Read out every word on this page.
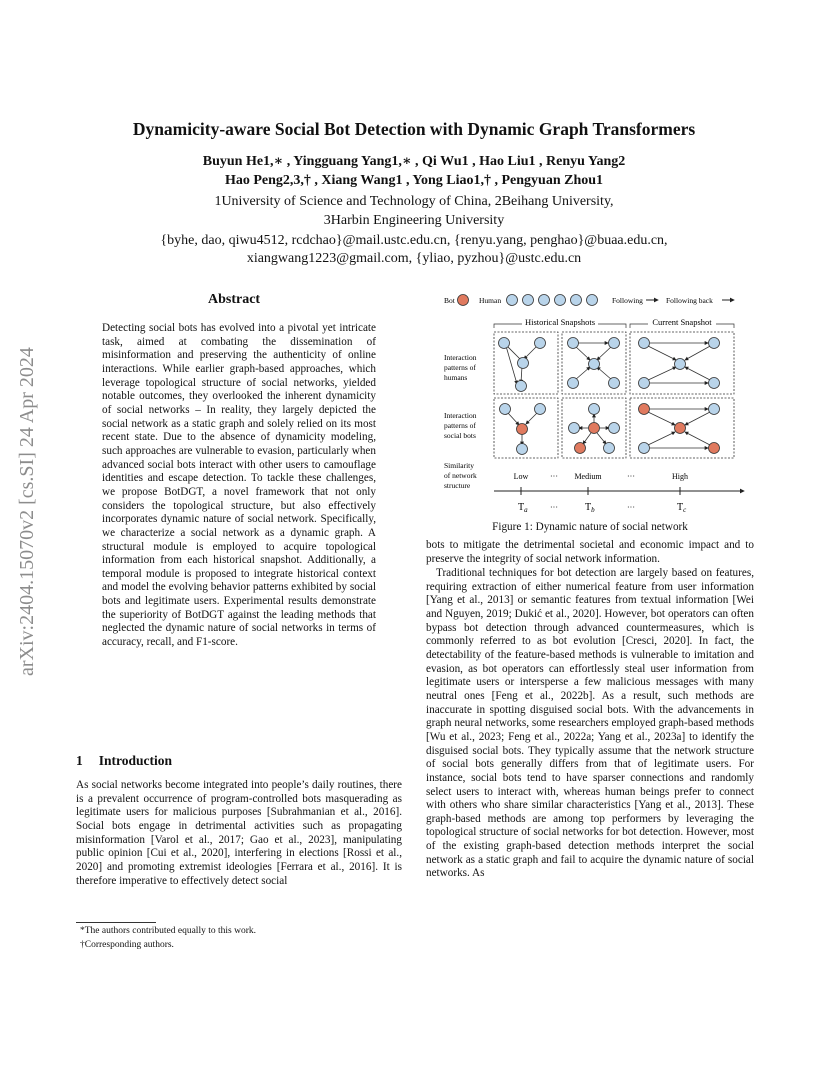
Dynamicity-aware Social Bot Detection with Dynamic Graph Transformers
Buyun He1,∗ , Yingguang Yang1,∗ , Qi Wu1 , Hao Liu1 , Renyu Yang2
Hao Peng2,3,† , Xiang Wang1 , Yong Liao1,† , Pengyuan Zhou1
1University of Science and Technology of China, 2Beihang University,
3Harbin Engineering University
{byhe, dao, qiwu4512, rcdchao}@mail.ustc.edu.cn, {renyu.yang, penghao}@buaa.edu.cn,
xiangwang1223@gmail.com, {yliao, pyzhou}@ustc.edu.cn
arXiv:2404.15070v2 [cs.SI] 24 Apr 2024
Abstract
Detecting social bots has evolved into a pivotal yet intricate task, aimed at combating the dissemination of misinformation and preserving the authenticity of online interactions. While earlier graph-based approaches, which leverage topological structure of social networks, yielded notable outcomes, they overlooked the inherent dynamicity of social networks – In reality, they largely depicted the social network as a static graph and solely relied on its most recent state. Due to the absence of dynamicity modeling, such approaches are vulnerable to evasion, particularly when advanced social bots interact with other users to camouflage identities and escape detection. To tackle these challenges, we propose BotDGT, a novel framework that not only considers the topological structure, but also effectively incorporates dynamic nature of social network. Specifically, we characterize a social network as a dynamic graph. A structural module is employed to acquire topological information from each historical snapshot. Additionally, a temporal module is proposed to integrate historical context and model the evolving behavior patterns exhibited by social bots and legitimate users. Experimental results demonstrate the superiority of BotDGT against the leading methods that neglected the dynamic nature of social networks in terms of accuracy, recall, and F1-score.
1 Introduction
As social networks become integrated into people’s daily routines, there is a prevalent occurrence of program-controlled bots masquerading as legitimate users for malicious purposes [Subrahmanian et al., 2016]. Social bots engage in detrimental activities such as propagating misinformation [Varol et al., 2017; Gao et al., 2023], manipulating public opinion [Cui et al., 2020], interfering in elections [Rossi et al., 2020] and promoting extremist ideologies [Ferrara et al., 2016]. It is therefore imperative to effectively detect social
*The authors contributed equally to this work.
†Corresponding authors.
Bot	Human	Following	Following back
Historical Snapshots	Current Snapshot
Interaction
patterns of
humans
Interaction
patterns of
social bots
Similarity
of network
structure
Low	··· Medium	···	High
$T_a$	···	$T_b$	···	$T_c$
Figure 1: Dynamic nature of social network
bots to mitigate the detrimental societal and economic impact and to preserve the integrity of social network information.
Traditional techniques for bot detection are largely based on features, requiring extraction of either numerical feature from user information [Yang et al., 2013] or semantic features from textual information [Wei and Nguyen, 2019; Dukić et al., 2020]. However, bot operators can often bypass bot detection through advanced countermeasures, which is commonly referred to as bot evolution [Cresci, 2020]. In fact, the detectability of the feature-based methods is vulnerable to imitation and evasion, as bot operators can effortlessly steal user information from legitimate users or intersperse a few malicious messages with many neutral ones [Feng et al., 2022b]. As a result, such methods are inaccurate in spotting disguised social bots. With the advancements in graph neural networks, some researchers employed graph-based methods [Wu et al., 2023; Feng et al., 2022a; Yang et al., 2023a] to identify the disguised social bots. They typically assume that the network structure of social bots generally differs from that of legitimate users. For instance, social bots tend to have sparser connections and randomly select users to interact with, whereas human beings prefer to connect with others who share similar characteristics [Yang et al., 2013]. These graph-based methods are among top performers by leveraging the topological structure of social networks for bot detection. However, most of the existing graph-based detection methods interpret the social network as a static graph and fail to acquire the dynamic nature of social networks. As
